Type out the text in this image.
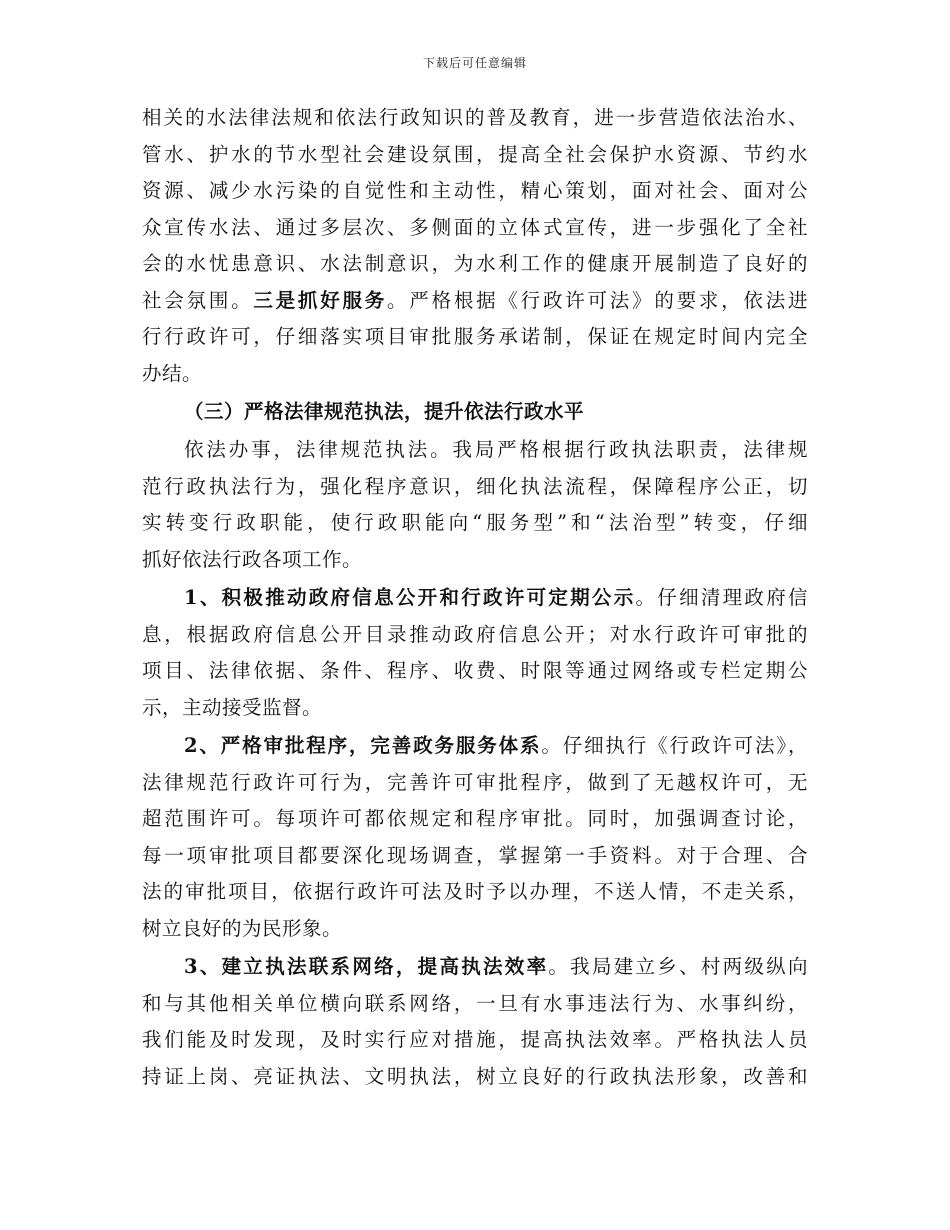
下载后可任意编辑
相关的水法律法规和依法行政知识的普及教育，进一步营造依法治水、
管水、护水的节水型社会建设氛围，提高全社会保护水资源、节约水
资源、减少水污染的自觉性和主动性，精心策划，面对社会、面对公
众宣传水法、通过多层次、多侧面的立体式宣传，进一步强化了全社
会的水忧患意识、水法制意识，为水利工作的健康开展制造了良好的
社会氛围。三是抓好服务。严格根据《行政许可法》的要求，依法进
行行政许可，仔细落实项目审批服务承诺制，保证在规定时间内完全
办结。
（三）严格法律规范执法，提升依法行政水平
依法办事，法律规范执法。我局严格根据行政执法职责，法律规
范行政执法行为，强化程序意识，细化执法流程，保障程序公正，切
实转变行政职能，使行政职能向“服务型”和“法治型”转变，仔细
抓好依法行政各项工作。
1、积极推动政府信息公开和行政许可定期公示。仔细清理政府信
息，根据政府信息公开目录推动政府信息公开；对水行政许可审批的
项目、法律依据、条件、程序、收费、时限等通过网络或专栏定期公
示，主动接受监督。
2、严格审批程序，完善政务服务体系。仔细执行《行政许可法》，
法律规范行政许可行为，完善许可审批程序，做到了无越权许可，无
超范围许可。每项许可都依规定和程序审批。同时，加强调查讨论，
每一项审批项目都要深化现场调查，掌握第一手资料。对于合理、合
法的审批项目，依据行政许可法及时予以办理，不送人情，不走关系，
树立良好的为民形象。
3、建立执法联系网络，提高执法效率。我局建立乡、村两级纵向
和与其他相关单位横向联系网络，一旦有水事违法行为、水事纠纷，
我们能及时发现，及时实行应对措施，提高执法效率。严格执法人员
持证上岗、亮证执法、文明执法，树立良好的行政执法形象，改善和
